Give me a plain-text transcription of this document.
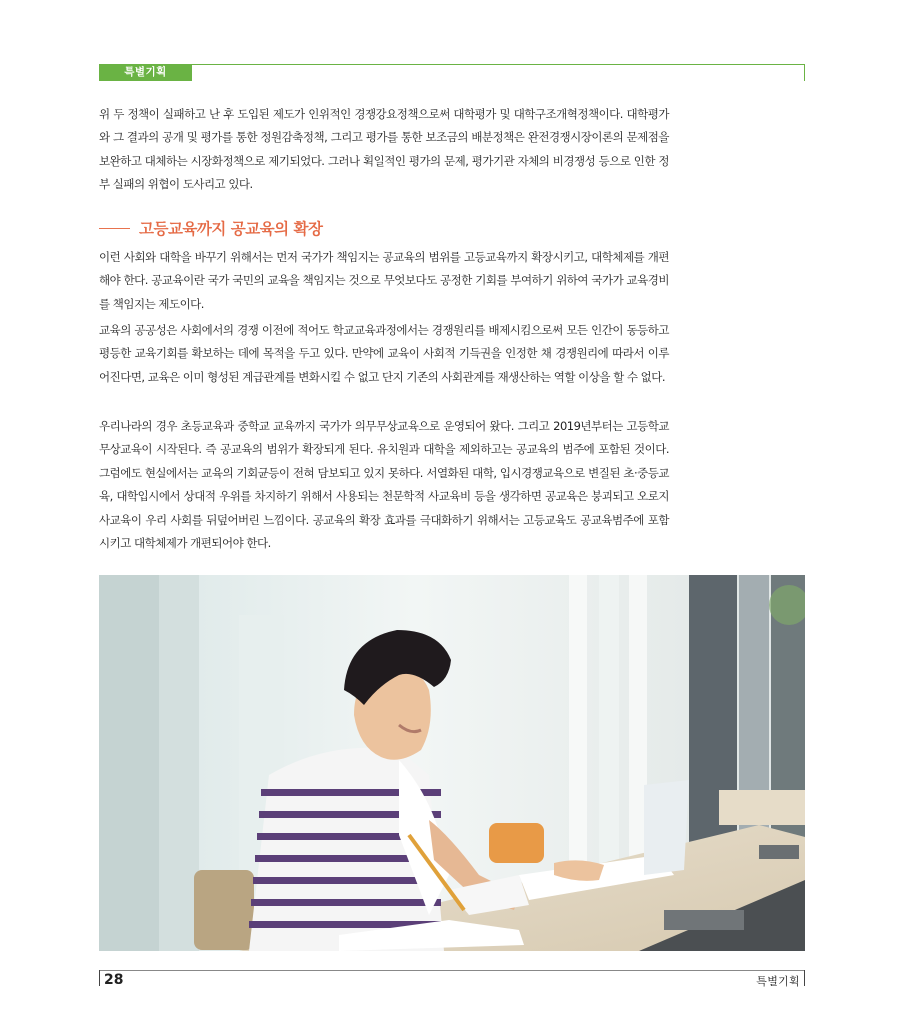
특별기획

위 두 정책이 실패하고 난 후 도입된 제도가 인위적인 경쟁강요정책으로써 대학평가 및 대학구조개혁정책이다. 대학평가와 그 결과의 공개 및 평가를 통한 정원감축정책, 그리고 평가를 통한 보조금의 배분정책은 완전경쟁시장이론의 문제점을 보완하고 대체하는 시장화정책으로 제기되었다. 그러나 획일적인 평가의 문제, 평가기관 자체의 비경쟁성 등으로 인한 정부 실패의 위협이 도사리고 있다.

고등교육까지 공교육의 확장

이런 사회와 대학을 바꾸기 위해서는 먼저 국가가 책임지는 공교육의 범위를 고등교육까지 확장시키고, 대학체제를 개편해야 한다. 공교육이란 국가 국민의 교육을 책임지는 것으로 무엇보다도 공정한 기회를 부여하기 위하여 국가가 교육경비를 책임지는 제도이다.

교육의 공공성은 사회에서의 경쟁 이전에 적어도 학교교육과정에서는 경쟁원리를 배제시킴으로써 모든 인간이 동등하고 평등한 교육기회를 확보하는 데에 목적을 두고 있다. 만약에 교육이 사회적 기득권을 인정한 채 경쟁원리에 따라서 이루어진다면, 교육은 이미 형성된 계급관계를 변화시킬 수 없고 단지 기존의 사회관계를 재생산하는 역할 이상을 할 수 없다.

우리나라의 경우 초등교육과 중학교 교육까지 국가가 의무무상교육으로 운영되어 왔다. 그리고 2019년부터는 고등학교 무상교육이 시작된다. 즉 공교육의 범위가 확장되게 된다. 유치원과 대학을 제외하고는 공교육의 범주에 포함된 것이다. 그럼에도 현실에서는 교육의 기회균등이 전혀 담보되고 있지 못하다. 서열화된 대학, 입시경쟁교육으로 변질된 초·중등교육, 대학입시에서 상대적 우위를 차지하기 위해서 사용되는 천문학적 사교육비 등을 생각하면 공교육은 붕괴되고 오로지 사교육이 우리 사회를 뒤덮어버린 느낌이다. 공교육의 확장 효과를 극대화하기 위해서는 고등교육도 공교육범주에 포함시키고 대학체제가 개편되어야 한다.

28	특별기획
